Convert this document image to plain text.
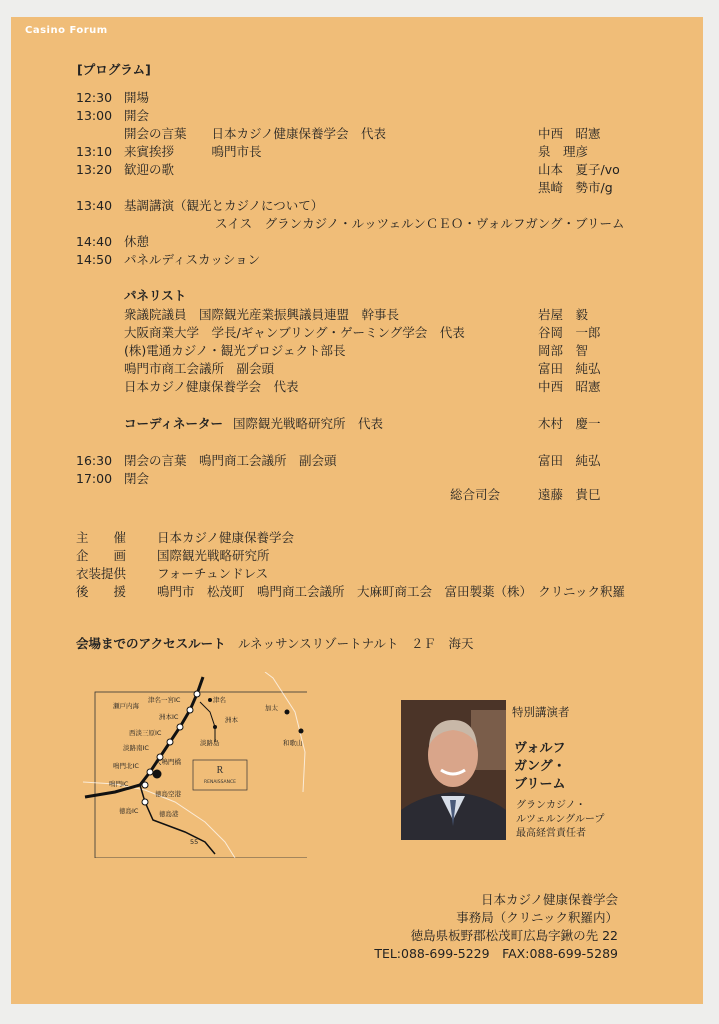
Casino Forum
[プログラム]
12:30 開場
13:00 開会
開会の言葉　　日本カジノ健康保養学会　代表	中西　昭憲
13:10 来賓挨拶　　　鳴門市長	泉　理彦
13:20 歓迎の歌	山本　夏子/vo
黒崎　勢市/g
13:40 基調講演（観光とカジノについて）
スイス　グランカジノ・ルッツェルンＣＥＯ・ヴォルフガング・ブリーム
14:40 休憩
14:50 パネルディスカッション
パネリスト
衆議院議員　国際観光産業振興議員連盟　幹事長	岩屋　毅
大阪商業大学　学長/ギャンブリング・ゲーミング学会　代表	谷岡　一郎
(株)電通カジノ・観光プロジェクト部長	岡部　智
鳴門市商工会議所　副会頭	富田　純弘
日本カジノ健康保養学会　代表	中西　昭憲
コーディネーター 国際観光戦略研究所　代表	木村　慶一
16:30 閉会の言葉　鳴門商工会議所　副会頭	富田　純弘
17:00 閉会
総合司会	遠藤　貴巳
主　　催 日本カジノ健康保養学会
企　　画 国際観光戦略研究所
衣装提供 フォーチュンドレス
後　　援 鳴門市　松茂町　鳴門商工会議所　大麻町商工会　富田製薬（株）　クリニック釈羅
会場までのアクセスルート ルネッサンスリゾートナルト　２Ｆ　海天
R
RENAISSANCE
瀬戸内海
津名一宮IC	津名
洲本IC	洲本
西淡三原IC
淡路南IC
淡路島
鳴門北IC 大鳴門橋
鳴門IC
徳島空港
徳島IC	徳島港
加太
和歌山
55
特別講演者
ヴォルフ
ガング・
ブリーム
グランカジノ・
ルツェルングループ
最高経営責任者
日本カジノ健康保養学会
事務局（クリニック釈羅内）
徳島県板野郡松茂町広島字鍬の先 22
TEL:088-699-5229　FAX:088-699-5289
